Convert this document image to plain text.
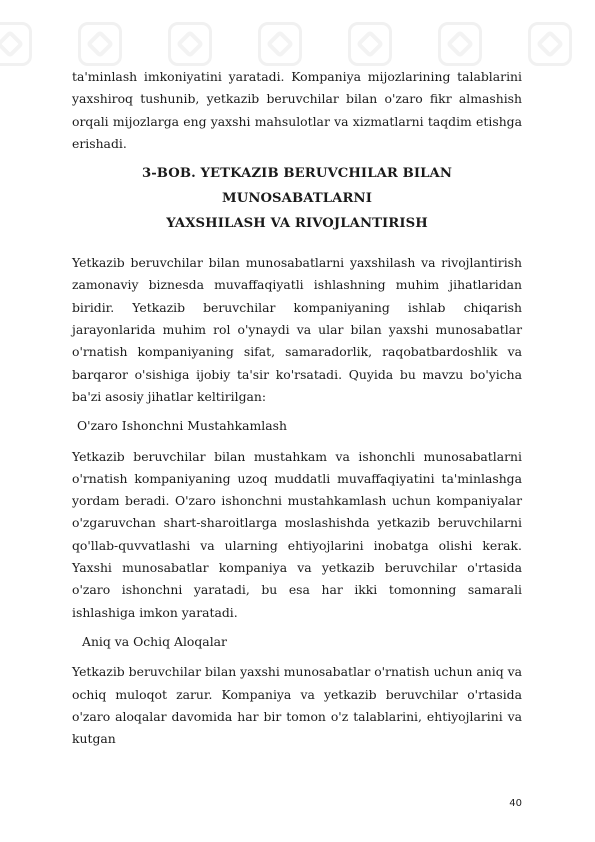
ta'minlash imkoniyatini yaratadi. Kompaniya mijozlarining talablarini yaxshiroq tushunib, yetkazib beruvchilar bilan o'zaro fikr almashish orqali mijozlarga eng yaxshi mahsulotlar va xizmatlarni taqdim etishga erishadi.

3-BOB. YETKAZIB BERUVCHILAR BILAN MUNOSABATLARNI
YAXSHILASH VA RIVOJLANTIRISH

Yetkazib beruvchilar bilan munosabatlarni yaxshilash va rivojlantirish zamonaviy biznesda muvaffaqiyatli ishlashning muhim jihatlaridan biridir. Yetkazib beruvchilar kompaniyaning ishlab chiqarish jarayonlarida muhim rol o'ynaydi va ular bilan yaxshi munosabatlar o'rnatish kompaniyaning sifat, samaradorlik, raqobatbardoshlik va barqaror o'sishiga ijobiy ta'sir ko'rsatadi. Quyida bu mavzu bo'yicha ba'zi asosiy jihatlar keltirilgan:

O'zaro Ishonchni Mustahkamlash

Yetkazib beruvchilar bilan mustahkam va ishonchli munosabatlarni o'rnatish kompaniyaning uzoq muddatli muvaffaqiyatini ta'minlashga yordam beradi. O'zaro ishonchni mustahkamlash uchun kompaniyalar o'zgaruvchan shart-sharoitlarga moslashishda yetkazib beruvchilarni qo'llab-quvvatlashi va ularning ehtiyojlarini inobatga olishi kerak. Yaxshi munosabatlar kompaniya va yetkazib beruvchilar o'rtasida o'zaro ishonchni yaratadi, bu esa har ikki tomonning samarali ishlashiga imkon yaratadi.

Aniq va Ochiq Aloqalar

Yetkazib beruvchilar bilan yaxshi munosabatlar o'rnatish uchun aniq va ochiq muloqot zarur. Kompaniya va yetkazib beruvchilar o'rtasida o'zaro aloqalar davomida har bir tomon o'z talablarini, ehtiyojlarini va kutgan

40
